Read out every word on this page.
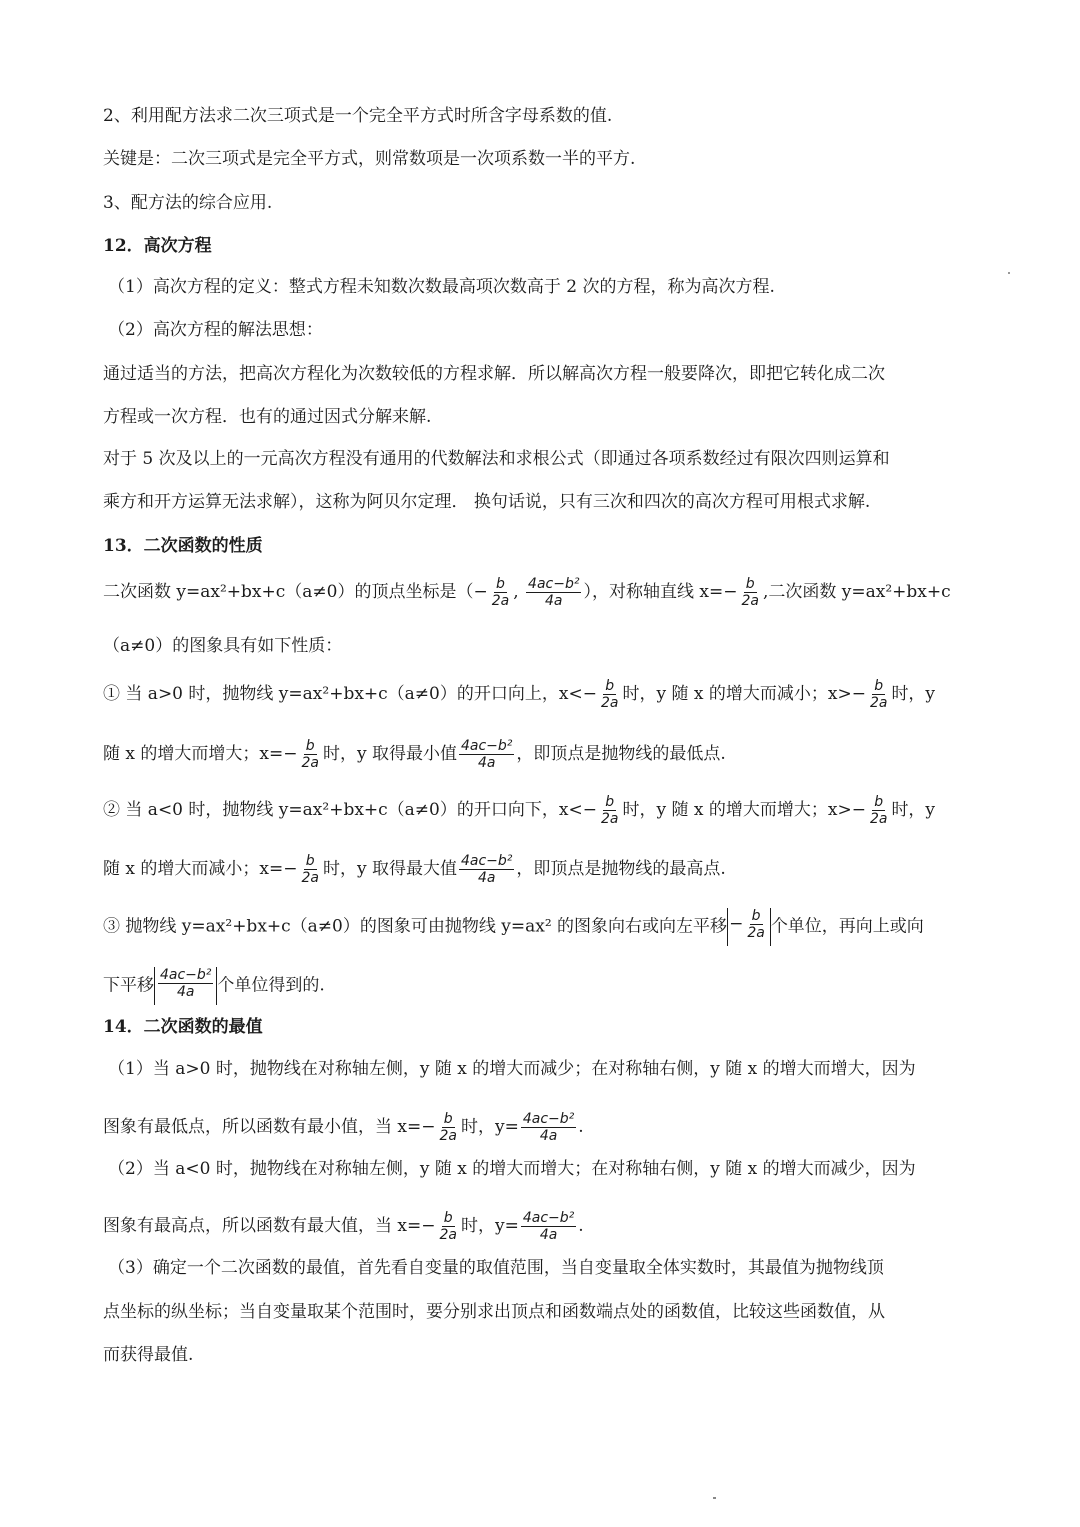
2、利用配方法求二次三项式是一个完全平方式时所含字母系数的值.
关键是：二次三项式是完全平方式，则常数项是一次项系数一半的平方.
3、配方法的综合应用.
12．高次方程
（1）高次方程的定义：整式方程未知数次数最高项次数高于 2 次的方程，称为高次方程.
（2）高次方程的解法思想：
通过适当的方法，把高次方程化为次数较低的方程求解．所以解高次方程一般要降次，即把它转化成二次
方程或一次方程．也有的通过因式分解来解.
对于 5 次及以上的一元高次方程没有通用的代数解法和求根公式（即通过各项系数经过有限次四则运算和
乘方和开方运算无法求解），这称为阿贝尔定理． 换句话说，只有三次和四次的高次方程可用根式求解.
13．二次函数的性质
二次函数 y=ax²+bx+c（a≠0）的顶点坐标是（− $\frac{b}{2a}$ , $\frac{\text{4ac−b²}}{4a}$ ），对称轴直线 $x=- \frac{b}{2a}$ ,二次函数 y=ax²+bx+c
（a≠0）的图象具有如下性质：
① 当 a>0 时，抛物线 y=ax²+bx+c（a≠0）的开口向上，$x<- \frac{b}{2a}$ 时，y 随 x 的增大而减小；$x>- \frac{b}{2a}$ 时，y
随 x 的增大而增大；$x=- \frac{b}{2a}$ 时，y 取得最小值 $\frac{\text{4ac−b²}}{4a}$ ，即顶点是抛物线的最低点.
② 当 a<0 时，抛物线 y=ax²+bx+c（a≠0）的开口向下，$x<- \frac{b}{2a}$ 时，y 随 x 的增大而增大；$x>- \frac{b}{2a}$ 时，y
随 x 的增大而减小；$x=- \frac{b}{2a}$ 时，y 取得最大值 $\frac{\text{4ac−b²}}{4a}$ ，即顶点是抛物线的最高点.
③ 抛物线 y=ax²+bx+c（a≠0）的图象可由抛物线 y=ax² 的图象向右或向左平移 − $\frac{b}{2a}$ 个单位，再向上或向
下平移 $\frac{\text{4ac−b²}}{4a}$ 个单位得到的.
14．二次函数的最值
（1）当 a>0 时，抛物线在对称轴左侧，y 随 x 的增大而减少；在对称轴右侧，y 随 x 的增大而增大，因为
图象有最低点，所以函数有最小值，当 $x=- \frac{b}{2a}$ 时，$y= \frac{\text{4ac−b²}}{4a}$ .
（2）当 a<0 时，抛物线在对称轴左侧，y 随 x 的增大而增大；在对称轴右侧，y 随 x 的增大而减少，因为
图象有最高点，所以函数有最大值，当 $x=- \frac{b}{2a}$ 时，$y= \frac{\text{4ac−b²}}{4a}$ .
（3）确定一个二次函数的最值，首先看自变量的取值范围，当自变量取全体实数时，其最值为抛物线顶
点坐标的纵坐标；当自变量取某个范围时，要分别求出顶点和函数端点处的函数值，比较这些函数值，从
而获得最值.
